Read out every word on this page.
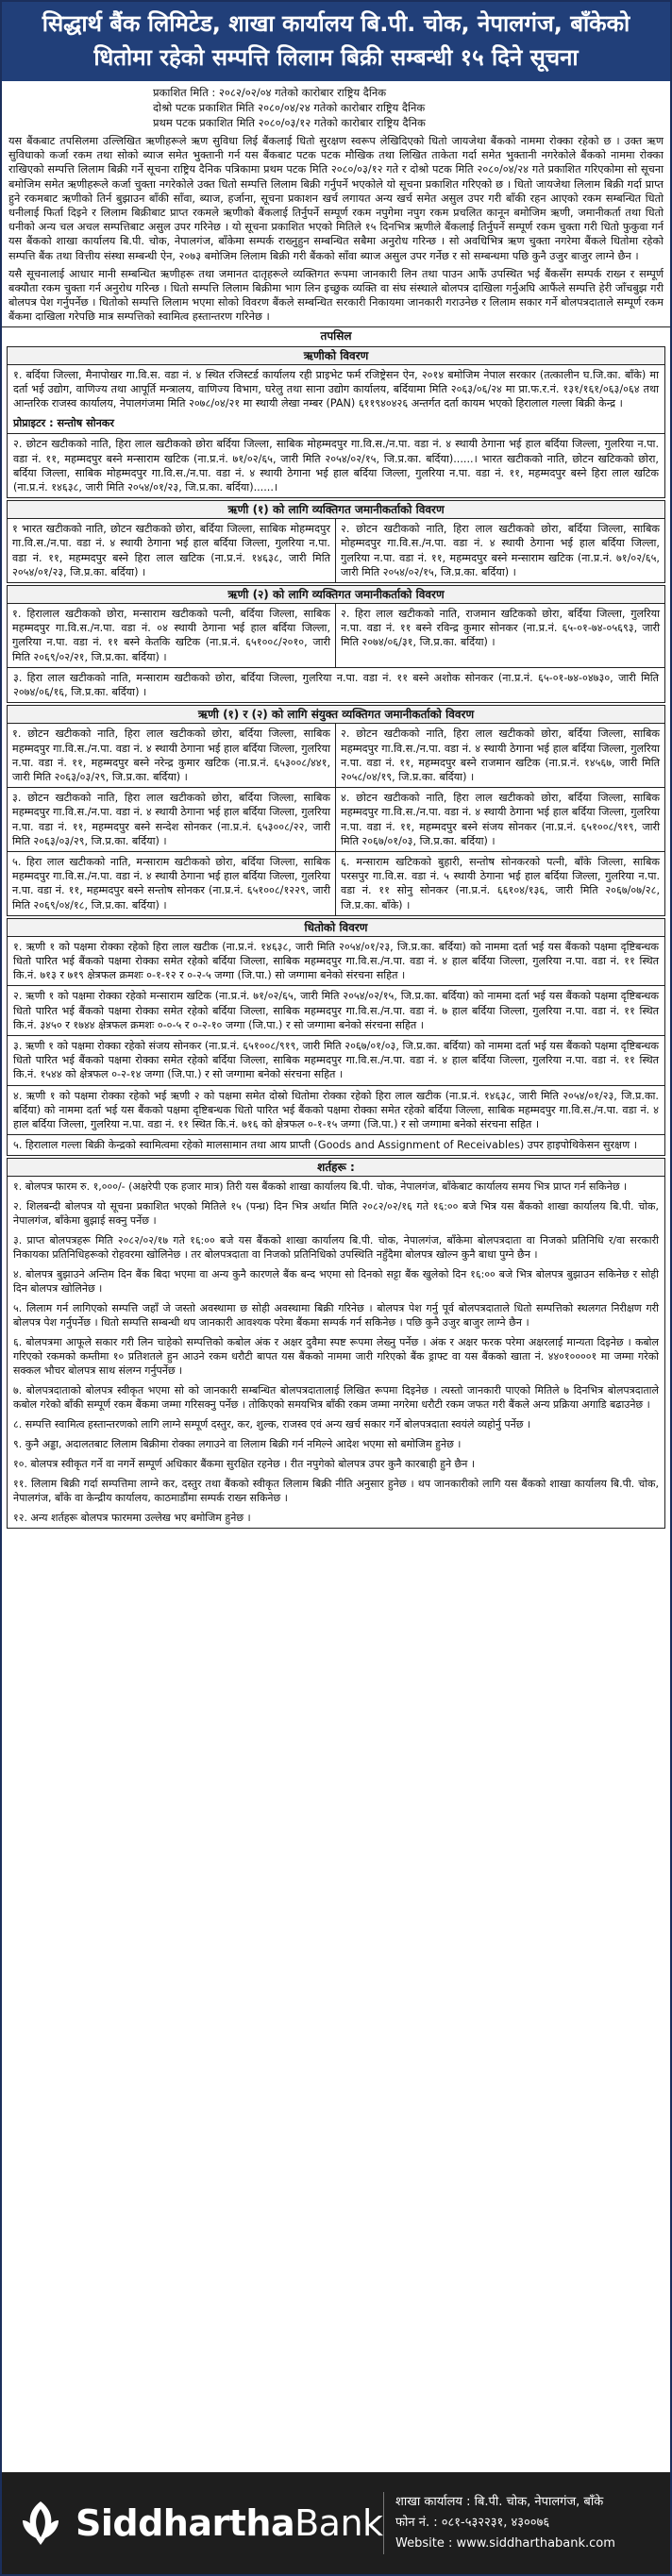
सिद्धार्थ बैंक लिमिटेड, शाखा कार्यालय बि.पी. चोक, नेपालगंज, बाँकेको
धितोमा रहेको सम्पत्ति लिलाम बिक्री सम्बन्धी १५ दिने सूचना
प्रकाशित मिति : २०८२/०२/०४ गतेको कारोबार राष्ट्रिय दैनिक
दोश्रो पटक प्रकाशित मिति २०८०/०४/२४ गतेको कारोबार राष्ट्रिय दैनिक
प्रथम पटक प्रकाशित मिति २०८०/०३/१२ गतेको कारोबार राष्ट्रिय दैनिक
यस बैंकबाट तपसिलमा उल्लिखित ऋणीहरूले ऋण सुविधा लिई बैंकलाई धितो सुरक्षण स्वरूप लेखिदिएको धितो जायजेथा बैंकको नाममा रोक्का रहेको छ । उक्त ऋण सुविधाको कर्जा रकम तथा सोको ब्याज समेत भुक्तानी गर्न यस बैंकबाट पटक पटक मौखिक तथा लिखित ताकेता गर्दा समेत भुक्तानी नगरेकोले बैंकको नाममा रोक्का राखिएको सम्पत्ति लिलाम बिक्री गर्ने सूचना राष्ट्रिय दैनिक पत्रिकामा प्रथम पटक मिति २०८०/०३/१२ गते र दोश्रो पटक मिति २०८०/०४/२४ गते प्रकाशित गरिएकोमा सो सूचना बमोजिम समेत ऋणीहरूले कर्जा चुक्ता नगरेकोले उक्त धितो सम्पत्ति लिलाम बिक्री गर्नुपर्ने भएकोले यो सूचना प्रकाशित गरिएको छ । धितो जायजेथा लिलाम बिक्री गर्दा प्राप्त हुने रकमबाट ऋणीको तिर्न बुझाउन बाँकी साँवा, ब्याज, हर्जाना, सूचना प्रकाशन खर्च लगायत अन्य खर्च समेत असुल उपर गरी बाँकी रहन आएको रकम सम्बन्धित धितो धनीलाई फिर्ता दिइने र लिलाम बिक्रीबाट प्राप्त रकमले ऋणीको बैंकलाई तिर्नुपर्ने सम्पूर्ण रकम नपुगेमा नपुग रकम प्रचलित कानून बमोजिम ऋणी, जमानीकर्ता तथा धितो धनीको अन्य चल अचल सम्पत्तिबाट असुल उपर गरिनेछ । यो सूचना प्रकाशित भएको मितिले १५ दिनभित्र ऋणीले बैंकलाई तिर्नुपर्ने सम्पूर्ण रकम चुक्ता गरी धितो फुकुवा गर्न यस बैंकको शाखा कार्यालय बि.पी. चोक, नेपालगंज, बाँकेमा सम्पर्क राख्नुहुन सम्बन्धित सबैमा अनुरोध गरिन्छ । सो अवधिभित्र ऋण चुक्ता नगरेमा बैंकले धितोमा रहेको सम्पत्ति बैंक तथा वित्तीय संस्था सम्बन्धी ऐन, २०७३ बमोजिम लिलाम बिक्री गरी बैंकको साँवा ब्याज असुल उपर गर्नेछ र सो सम्बन्धमा पछि कुनै उजुर बाजुर लाग्ने छैन ।
यसै सूचनालाई आधार मानी सम्बन्धित ऋणीहरू तथा जमानत दातृहरूले व्यक्तिगत रूपमा जानकारी लिन तथा पाउन आफैं उपस्थित भई बैंकसँग सम्पर्क राख्न र सम्पूर्ण बक्यौता रकम चुक्ता गर्न अनुरोध गरिन्छ । धितो सम्पत्ति लिलाम बिक्रीमा भाग लिन इच्छुक व्यक्ति वा संघ संस्थाले बोलपत्र दाखिला गर्नुअघि आफैंले सम्पत्ति हेरी जाँचबुझ गरी बोलपत्र पेश गर्नुपर्नेछ । धितोको सम्पत्ति लिलाम भएमा सोको विवरण बैंकले सम्बन्धित सरकारी निकायमा जानकारी गराउनेछ र लिलाम सकार गर्ने बोलपत्रदाताले सम्पूर्ण रकम बैंकमा दाखिला गरेपछि मात्र सम्पत्तिको स्वामित्व हस्तान्तरण गरिनेछ ।
तपसिल
ऋणीको विवरण
१. बर्दिया जिल्ला, मैनापोखर गा.वि.स. वडा नं. ४ स्थित रजिस्टर्ड कार्यालय रही प्राइभेट फर्म रजिष्ट्रेसन ऐन, २०१४ बमोजिम नेपाल सरकार (तत्कालीन घ.जि.का. बाँके) मा दर्ता भई उद्योग, वाणिज्य तथा आपूर्ति मन्त्रालय, वाणिज्य विभाग, घरेलु तथा साना उद्योग कार्यालय, बर्दियामा मिति २०६३/०६/२४ मा प्रा.फ.र.नं. १३१/१६१/०६३/०६४ तथा आन्तरिक राजस्व कार्यालय, नेपालगंजमा मिति २०७८/०४/२१ मा स्थायी लेखा नम्बर (PAN) ६११९४०४२६ अन्तर्गत दर्ता कायम भएको हिरालाल गल्ला बिक्री केन्द्र ।
प्रोप्राइटर : सन्तोष सोनकर
२. छोटन खटीकको नाति, हिरा लाल खटीकको छोरा बर्दिया जिल्ला, साबिक मोहम्मदपुर गा.वि.स./न.पा. वडा नं. ४ स्थायी ठेगाना भई हाल बर्दिया जिल्ला, गुलरिया न.पा. वडा नं. ११, महम्मदपुर बस्ने मन्साराम खटिक (ना.प्र.नं. ७१/०२/६५, जारी मिति २०५४/०२/१५, जि.प्र.का. बर्दिया)......। भारत खटीकको नाति, छोटन खटिकको छोरा, बर्दिया जिल्ला, साबिक मोहम्मदपुर गा.वि.स./न.पा. वडा नं. ४ स्थायी ठेगाना भई हाल बर्दिया जिल्ला, गुलरिया न.पा. वडा नं. ११, महम्मदपुर बस्ने हिरा लाल खटिक (ना.प्र.नं. १४६३८, जारी मिति २०५४/०१/२३, जि.प्र.का. बर्दिया)......।
ऋणी (१) को लागि व्यक्तिगत जमानीकर्ताको विवरण
१ भारत खटीकको नाति, छोटन खटीकको छोरा, बर्दिया जिल्ला, साबिक मोहम्मदपुर गा.वि.स./न.पा. वडा नं. ४ स्थायी ठेगाना भई हाल बर्दिया जिल्ला, गुलरिया न.पा. वडा नं. ११, महम्मदपुर बस्ने हिरा लाल खटिक (ना.प्र.नं. १४६३८, जारी मिति २०५४/०१/२३, जि.प्र.का. बर्दिया) ।
२. छोटन खटीकको नाति, हिरा लाल खटीकको छोरा, बर्दिया जिल्ला, साबिक मोहम्मदपुर गा.वि.स./न.पा. वडा नं. ४ स्थायी ठेगाना भई हाल बर्दिया जिल्ला, गुलरिया न.पा. वडा नं. ११, महम्मदपुर बस्ने मन्साराम खटिक (ना.प्र.नं. ७१/०२/६५, जारी मिति २०५४/०२/१५, जि.प्र.का. बर्दिया) ।
ऋणी (२) को लागि व्यक्तिगत जमानीकर्ताको विवरण
१. हिरालाल खटीकको छोरा, मन्साराम खटीकको पत्नी, बर्दिया जिल्ला, साबिक महम्मदपुर गा.वि.स./न.पा. वडा नं. ०४ स्थायी ठेगाना भई हाल बर्दिया जिल्ला, गुलरिया न.पा. वडा नं. ११ बस्ने केतकि खटिक (ना.प्र.नं. ६५१००८/२०१०, जारी मिति २०६९/०२/२१, जि.प्र.का. बर्दिया) ।
२. हिरा लाल खटीकको नाति, राजमान खटिकको छोरा, बर्दिया जिल्ला, गुलरिया न.पा. वडा नं. ११ बस्ने रविन्द्र कुमार सोनकर (ना.प्र.नं. ६५-०१-७४-०५६९३, जारी मिति २०७४/०६/३१, जि.प्र.का. बर्दिया) ।
३. हिरा लाल खटीकको नाति, मन्साराम खटीकको छोरा, बर्दिया जिल्ला, गुलरिया न.पा. वडा नं. ११ बस्ने अशोक सोनकर (ना.प्र.नं. ६५-०१-७४-०४७३०, जारी मिति २०७४/०६/१६, जि.प्र.का. बर्दिया) ।
ऋणी (१) र (२) को लागि संयुक्त व्यक्तिगत जमानीकर्ताको विवरण
१. छोटन खटीकको नाति, हिरा लाल खटीकको छोरा, बर्दिया जिल्ला, साबिक महम्मदपुर गा.वि.स./न.पा. वडा नं. ४ स्थायी ठेगाना भई हाल बर्दिया जिल्ला, गुलरिया न.पा. वडा नं. ११, महम्मदपुर बस्ने नरेन्द्र कुमार खटिक (ना.प्र.नं. ६५३००८/४४१, जारी मिति २०६३/०३/२९, जि.प्र.का. बर्दिया) ।
२. छोटन खटीकको नाति, हिरा लाल खटीकको छोरा, बर्दिया जिल्ला, साबिक महम्मदपुर गा.वि.स./न.पा. वडा नं. ४ स्थायी ठेगाना भई हाल बर्दिया जिल्ला, गुलरिया न.पा. वडा नं. ११, महम्मदपुर बस्ने राजमान खटिक (ना.प्र.नं. १४५६७, जारी मिति २०५८/०४/१९, जि.प्र.का. बर्दिया) ।
३. छोटन खटीकको नाति, हिरा लाल खटीकको छोरा, बर्दिया जिल्ला, साबिक महम्मदपुर गा.वि.स./न.पा. वडा नं. ४ स्थायी ठेगाना भई हाल बर्दिया जिल्ला, गुलरिया न.पा. वडा नं. ११, महम्मदपुर बस्ने सन्देश सोनकर (ना.प्र.नं. ६५३००८/२२, जारी मिति २०६३/०३/२९, जि.प्र.का. बर्दिया) ।
४. छोटन खटीकको नाति, हिरा लाल खटीकको छोरा, बर्दिया जिल्ला, साबिक महम्मदपुर गा.वि.स./न.पा. वडा नं. ४ स्थायी ठेगाना भई हाल बर्दिया जिल्ला, गुलरिया न.पा. वडा नं. ११, महम्मदपुर बस्ने संजय सोनकर (ना.प्र.नं. ६५१००८/९१९, जारी मिति २०६७/०१/०३, जि.प्र.का. बर्दिया) ।
५. हिरा लाल खटीकको नाति, मन्साराम खटीकको छोरा, बर्दिया जिल्ला, साबिक महम्मदपुर गा.वि.स./न.पा. वडा नं. ४ स्थायी ठेगाना भई हाल बर्दिया जिल्ला, गुलरिया न.पा. वडा नं. ११, महम्मदपुर बस्ने सन्तोष सोनकर (ना.प्र.नं. ६५१००८/१२२९, जारी मिति २०६९/०४/१८, जि.प्र.का. बर्दिया) ।
६. मन्साराम खटिकको बुहारी, सन्तोष सोनकरको पत्नी, बाँके जिल्ला, साबिक परसपुर गा.वि.स. वडा नं. ५ स्थायी ठेगाना भई हाल बर्दिया जिल्ला, गुलरिया न.पा. वडा नं. ११ सोनु सोनकर (ना.प्र.नं. ६६१०४/१३६, जारी मिति २०६७/०७/२८, जि.प्र.का. बाँके) ।
धितोको विवरण
१. ऋणी १ को पक्षमा रोक्का रहेको हिरा लाल खटीक (ना.प्र.नं. १४६३८, जारी मिति २०५४/०१/२३, जि.प्र.का. बर्दिया) को नाममा दर्ता भई यस बैंकको पक्षमा दृष्टिबन्धक धितो पारित भई बैंकको पक्षमा रोक्का समेत रहेको बर्दिया जिल्ला, साबिक महम्मदपुर गा.वि.स./न.पा. वडा नं. ४ हाल बर्दिया जिल्ला, गुलरिया न.पा. वडा नं. ११ स्थित कि.नं. ७१३ र ७१९ क्षेत्रफल क्रमशः ०-१-१२ र ०-२-५ जग्गा (जि.पा.) सो जग्गामा बनेको संरचना सहित ।
२. ऋणी १ को पक्षमा रोक्का रहेको मन्साराम खटिक (ना.प्र.नं. ७१/०२/६५, जारी मिति २०५४/०२/१५, जि.प्र.का. बर्दिया) को नाममा दर्ता भई यस बैंकको पक्षमा दृष्टिबन्धक धितो पारित भई बैंकको पक्षमा रोक्का समेत रहेको बर्दिया जिल्ला, साबिक महम्मदपुर गा.वि.स./न.पा. वडा नं. ७ हाल बर्दिया जिल्ला, गुलरिया न.पा. वडा नं. ११ स्थित कि.नं. ३४५० र १७४४ क्षेत्रफल क्रमशः ०-०-५ र ०-२-१० जग्गा (जि.पा.) र सो जग्गामा बनेको संरचना सहित ।
३. ऋणी १ को पक्षमा रोक्का रहेको संजय सोनकर (ना.प्र.नं. ६५१००८/९१९, जारी मिति २०६७/०१/०३, जि.प्र.का. बर्दिया) को नाममा दर्ता भई यस बैंकको पक्षमा दृष्टिबन्धक धितो पारित भई बैंकको पक्षमा रोक्का समेत रहेको बर्दिया जिल्ला, साबिक महम्मदपुर गा.वि.स./न.पा. वडा नं. ४ हाल बर्दिया जिल्ला, गुलरिया न.पा. वडा नं. ११ स्थित कि.नं. १५४४ को क्षेत्रफल ०-२-१४ जग्गा (जि.पा.) र सो जग्गामा बनेको संरचना सहित ।
४. ऋणी १ को पक्षमा रोक्का रहेको भई ऋणी २ को पक्षमा समेत दोस्रो धितोमा रोक्का रहेको हिरा लाल खटीक (ना.प्र.नं. १४६३८, जारी मिति २०५४/०१/२३, जि.प्र.का. बर्दिया) को नाममा दर्ता भई यस बैंकको पक्षमा दृष्टिबन्धक धितो पारित भई बैंकको पक्षमा रोक्का समेत रहेको बर्दिया जिल्ला, साबिक महम्मदपुर गा.वि.स./न.पा. वडा नं. ४ हाल बर्दिया जिल्ला, गुलरिया न.पा. वडा नं. ११ स्थित कि.नं. ७१६ को क्षेत्रफल ०-१-१५ जग्गा (जि.पा.) र सो जग्गामा बनेको संरचना सहित ।
५. हिरालाल गल्ला बिक्री केन्द्रको स्वामित्वमा रहेको मालसामान तथा आय प्राप्ती (Goods and Assignment of Receivables) उपर हाइपोथिकेसन सुरक्षण ।
शर्तहरू :
१. बोलपत्र फारम रु. १,०००/- (अक्षरेपी एक हजार मात्र) तिरी यस बैंकको शाखा कार्यालय बि.पी. चोक, नेपालगंज, बाँकेबाट कार्यालय समय भित्र प्राप्त गर्न सकिनेछ ।
२. शिलबन्दी बोलपत्र यो सूचना प्रकाशित भएको मितिले १५ (पन्ध्र) दिन भित्र अर्थात मिति २०८२/०२/१६ गते १६:०० बजे भित्र यस बैंकको शाखा कार्यालय बि.पी. चोक, नेपालगंज, बाँकेमा बुझाई सक्नु पर्नेछ ।
३. प्राप्त बोलपत्रहरू मिति २०८२/०२/१७ गते १६:०० बजे यस बैंकको शाखा कार्यालय बि.पी. चोक, नेपालगंज, बाँकेमा बोलपत्रदाता वा निजको प्रतिनिधि र/वा सरकारी निकायका प्रतिनिधिहरूको रोहवरमा खोलिनेछ । तर बोलपत्रदाता वा निजको प्रतिनिधिको उपस्थिति नहुँदैमा बोलपत्र खोल्न कुनै बाधा पुग्ने छैन ।
४. बोलपत्र बुझाउने अन्तिम दिन बैंक बिदा भएमा वा अन्य कुनै कारणले बैंक बन्द भएमा सो दिनको सट्टा बैंक खुलेको दिन १६:०० बजे भित्र बोलपत्र बुझाउन सकिनेछ र सोही दिन बोलपत्र खोलिनेछ ।
५. लिलाम गर्न लागिएको सम्पत्ति जहाँ जे जस्तो अवस्थामा छ सोही अवस्थामा बिक्री गरिनेछ । बोलपत्र पेश गर्नु पूर्व बोलपत्रदाताले धितो सम्पत्तिको स्थलगत निरीक्षण गरी बोलपत्र पेश गर्नुपर्नेछ । धितो सम्पत्ति सम्बन्धी थप जानकारी आवश्यक परेमा बैंकमा सम्पर्क गर्न सकिनेछ । पछि कुनै उजुर बाजुर लाग्ने छैन ।
६. बोलपत्रमा आफूले सकार गरी लिन चाहेको सम्पत्तिको कबोल अंक र अक्षर दुवैमा स्पष्ट रूपमा लेख्नु पर्नेछ । अंक र अक्षर फरक परेमा अक्षरलाई मान्यता दिइनेछ । कबोल गरिएको रकमको कम्तीमा १० प्रतिशतले हुन आउने रकम धरौटी बापत यस बैंकको नाममा जारी गरिएको बैंक ड्राफ्ट वा यस बैंकको खाता नं. ४४०१००००१ मा जम्मा गरेको सक्कल भौचर बोलपत्र साथ संलग्न गर्नुपर्नेछ ।
७. बोलपत्रदाताको बोलपत्र स्वीकृत भएमा सो को जानकारी सम्बन्धित बोलपत्रदातालाई लिखित रूपमा दिइनेछ । त्यस्तो जानकारी पाएको मितिले ७ दिनभित्र बोलपत्रदाताले कबोल गरेको बाँकी सम्पूर्ण रकम बैंकमा जम्मा गरिसक्नु पर्नेछ । तोकिएको समयभित्र बाँकी रकम जम्मा नगरेमा धरौटी रकम जफत गरी बैंकले अन्य प्रक्रिया अगाडि बढाउनेछ ।
८. सम्पत्ति स्वामित्व हस्तान्तरणको लागि लाग्ने सम्पूर्ण दस्तुर, कर, शुल्क, राजस्व एवं अन्य खर्च सकार गर्ने बोलपत्रदाता स्वयंले व्यहोर्नु पर्नेछ ।
९. कुनै अड्डा, अदालतबाट लिलाम बिक्रीमा रोक्का लगाउने वा लिलाम बिक्री गर्न नमिल्ने आदेश भएमा सो बमोजिम हुनेछ ।
१०. बोलपत्र स्वीकृत गर्ने वा नगर्ने सम्पूर्ण अधिकार बैंकमा सुरक्षित रहनेछ । रीत नपुगेको बोलपत्र उपर कुनै कारबाही हुने छैन ।
११. लिलाम बिक्री गर्दा सम्पत्तिमा लाग्ने कर, दस्तुर तथा बैंकको स्वीकृत लिलाम बिक्री नीति अनुसार हुनेछ । थप जानकारीको लागि यस बैंकको शाखा कार्यालय बि.पी. चोक, नेपालगंज, बाँके वा केन्द्रीय कार्यालय, काठमाडौंमा सम्पर्क राख्न सकिनेछ ।
१२. अन्य शर्तहरू बोलपत्र फारममा उल्लेख भए बमोजिम हुनेछ ।
SiddharthaBank
शाखा कार्यालय : बि.पी. चोक, नेपालगंज, बाँके
फोन नं. : ०८१-५३२२३१, ४३००७६
Website : www.siddharthabank.com
